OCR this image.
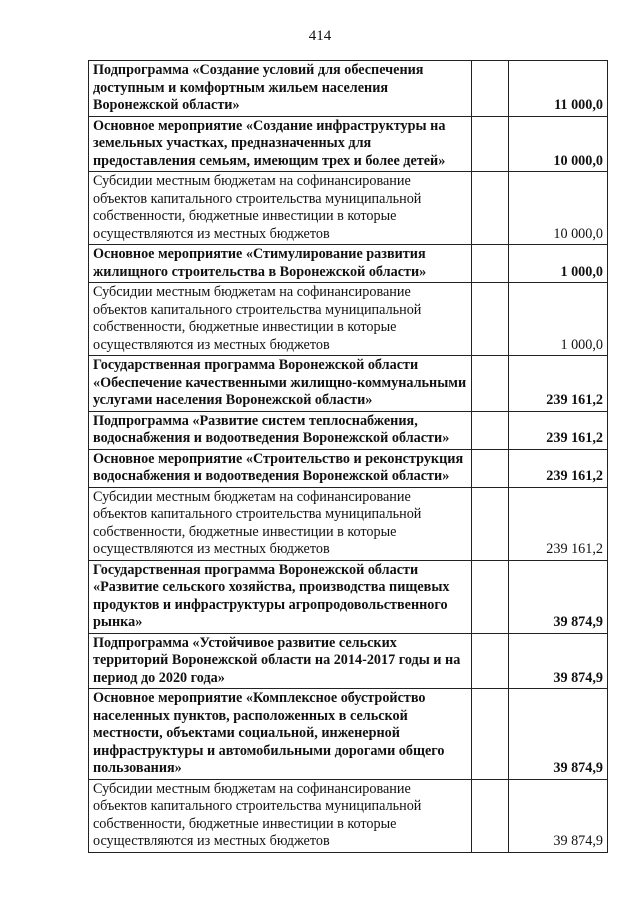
414
Подпрограмма «Создание условий для обеспечения доступным и комфортным жильем населения Воронежской области»		11 000,0
Основное мероприятие «Создание инфраструктуры на земельных участках, предназначенных для предоставления семьям, имеющим трех и более детей»		10 000,0
Субсидии местным бюджетам на софинансирование объектов капитального строительства муниципальной собственности, бюджетные инвестиции в которые осуществляются из местных бюджетов		10 000,0
Основное мероприятие «Стимулирование развития жилищного строительства в Воронежской области»		1 000,0
Субсидии местным бюджетам на софинансирование объектов капитального строительства муниципальной собственности, бюджетные инвестиции в которые осуществляются из местных бюджетов		1 000,0
Государственная программа Воронежской области «Обеспечение качественными жилищно-коммунальными услугами населения Воронежской области»		239 161,2
Подпрограмма «Развитие систем теплоснабжения, водоснабжения и водоотведения Воронежской области»		239 161,2
Основное мероприятие «Строительство и реконструкция водоснабжения и водоотведения Воронежской области»		239 161,2
Субсидии местным бюджетам на софинансирование объектов капитального строительства муниципальной собственности, бюджетные инвестиции в которые осуществляются из местных бюджетов		239 161,2
Государственная программа Воронежской области «Развитие сельского хозяйства, производства пищевых продуктов и инфраструктуры агропродовольственного рынка»		39 874,9
Подпрограмма «Устойчивое развитие сельских территорий Воронежской области на 2014-2017 годы и на период до 2020 года»		39 874,9
Основное мероприятие «Комплексное обустройство населенных пунктов, расположенных в сельской местности, объектами социальной, инженерной инфраструктуры и автомобильными дорогами общего пользования»		39 874,9
Субсидии местным бюджетам на софинансирование объектов капитального строительства муниципальной собственности, бюджетные инвестиции в которые осуществляются из местных бюджетов		39 874,9
